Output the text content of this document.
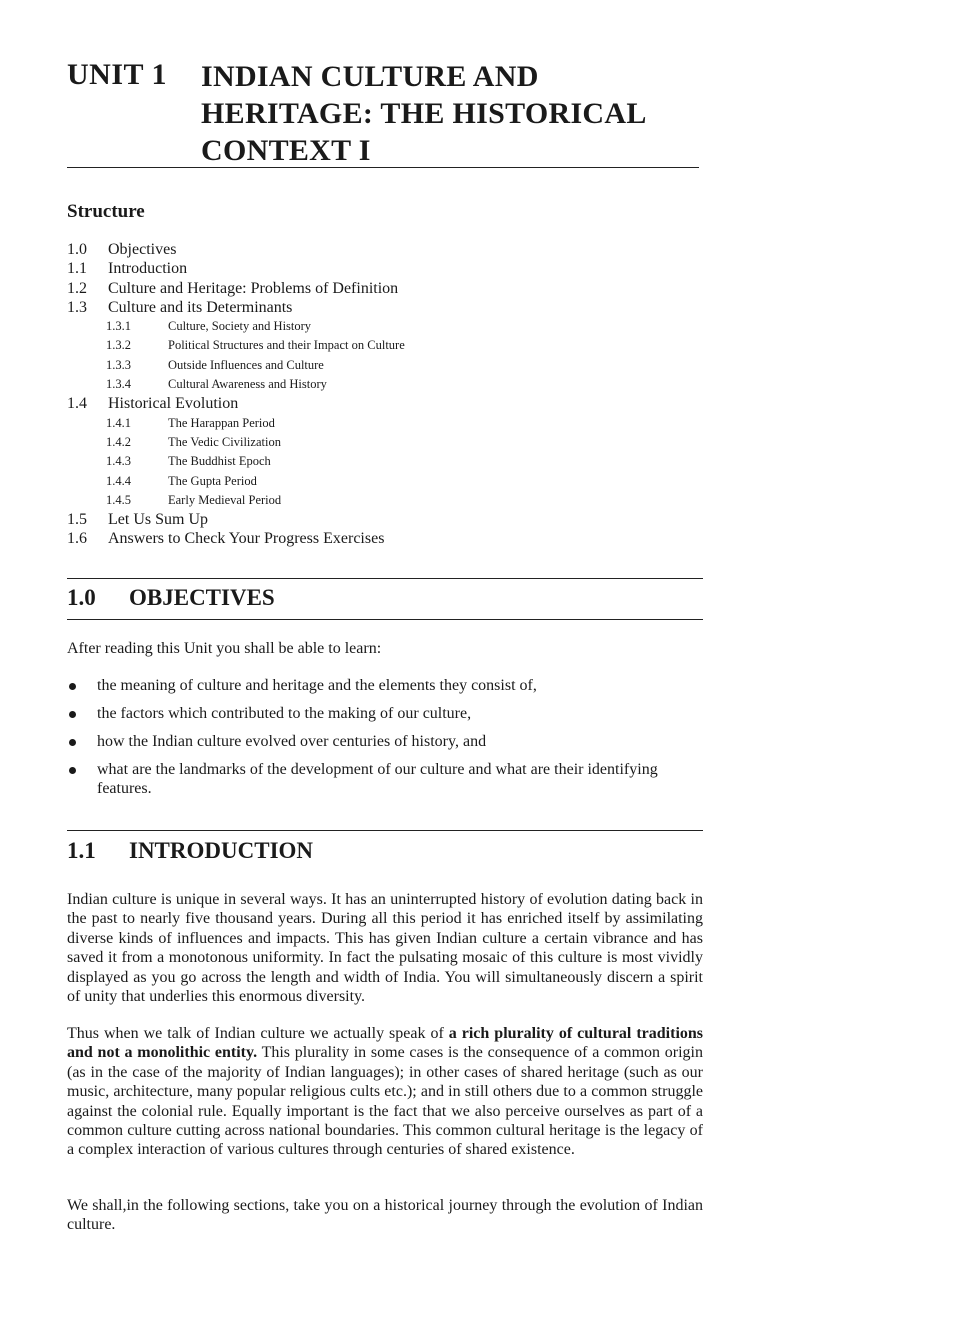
UNIT 1 INDIAN CULTURE AND
HERITAGE: THE HISTORICAL
CONTEXT I
Structure
1.0 Objectives
1.1 Introduction
1.2 Culture and Heritage: Problems of Definition
1.3 Culture and its Determinants
1.3.1	Culture, Society and History
1.3.2	Political Structures and their Impact on Culture
1.3.3	Outside Influences and Culture
1.3.4	Cultural Awareness and History
1.4 Historical Evolution
1.4.1	The Harappan Period
1.4.2	The Vedic Civilization
1.4.3	The Buddhist Epoch
1.4.4	The Gupta Period
1.4.5	Early Medieval Period
1.5 Let Us Sum Up
1.6 Answers to Check Your Progress Exercises
1.0 OBJECTIVES
After reading this Unit you shall be able to learn:
the meaning of culture and heritage and the elements they consist of,
the factors which contributed to the making of our culture,
how the Indian culture evolved over centuries of history, and
what are the landmarks of the development of our culture and what are their identifying features.
1.1 INTRODUCTION
Indian culture is unique in several ways. It has an uninterrupted history of evolution dating back in the past to nearly five thousand years. During all this period it has enriched itself by assimilating diverse kinds of influences and impacts. This has given Indian culture a certain vibrance and has saved it from a monotonous uniformity. In fact the pulsating mosaic of this culture is most vividly displayed as you go across the length and width of India. You will simultaneously discern a spirit of unity that underlies this enormous diversity.
Thus when we talk of Indian culture we actually speak of a rich plurality of cultural traditions and not a monolithic entity. This plurality in some cases is the consequence of a common origin (as in the case of the majority of Indian languages); in other cases of shared heritage (such as our music, architecture, many popular religious cults etc.); and in still others due to a common struggle against the colonial rule. Equally important is the fact that we also perceive ourselves as part of a common culture cutting across national boundaries. This common cultural heritage is the legacy of a complex interaction of various cultures through centuries of shared existence.
We shall,in the following sections, take you on a historical journey through the evolution of Indian culture.
